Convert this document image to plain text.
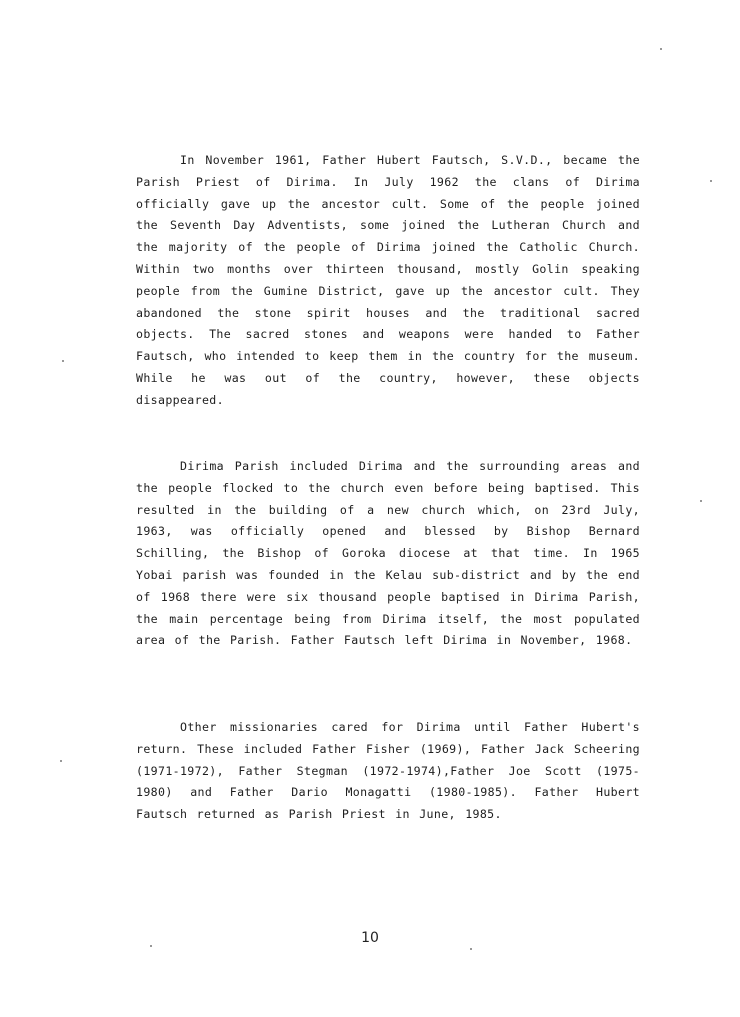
In November 1961, Father Hubert Fautsch, S.V.D., became the Parish Priest of Dirima. In July 1962 the clans of Dirima officially gave up the ancestor cult. Some of the people joined the Seventh Day Adventists, some joined the Lutheran Church and the majority of the people of Dirima joined the Catholic Church. Within two months over thirteen thousand, mostly Golin speaking people from the Gumine District, gave up the ancestor cult. They abandoned the stone spirit houses and the traditional sacred objects. The sacred stones and weapons were handed to Father Fautsch, who intended to keep them in the country for the museum. While he was out of the country, however, these objects disappeared.

Dirima Parish included Dirima and the surrounding areas and the people flocked to the church even before being baptised. This resulted in the building of a new church which, on 23rd July, 1963, was officially opened and blessed by Bishop Bernard Schilling, the Bishop of Goroka diocese at that time. In 1965 Yobai parish was founded in the Kelau sub-district and by the end of 1968 there were six thousand people baptised in Dirima Parish, the main percentage being from Dirima itself, the most populated area of the Parish. Father Fautsch left Dirima in November, 1968.

Other missionaries cared for Dirima until Father Hubert's return. These included Father Fisher (1969), Father Jack Scheering (1971-1972), Father Stegman (1972-1974),Father Joe Scott (1975-1980) and Father Dario Monagatti (1980-1985). Father Hubert Fautsch returned as Parish Priest in June, 1985.

10
